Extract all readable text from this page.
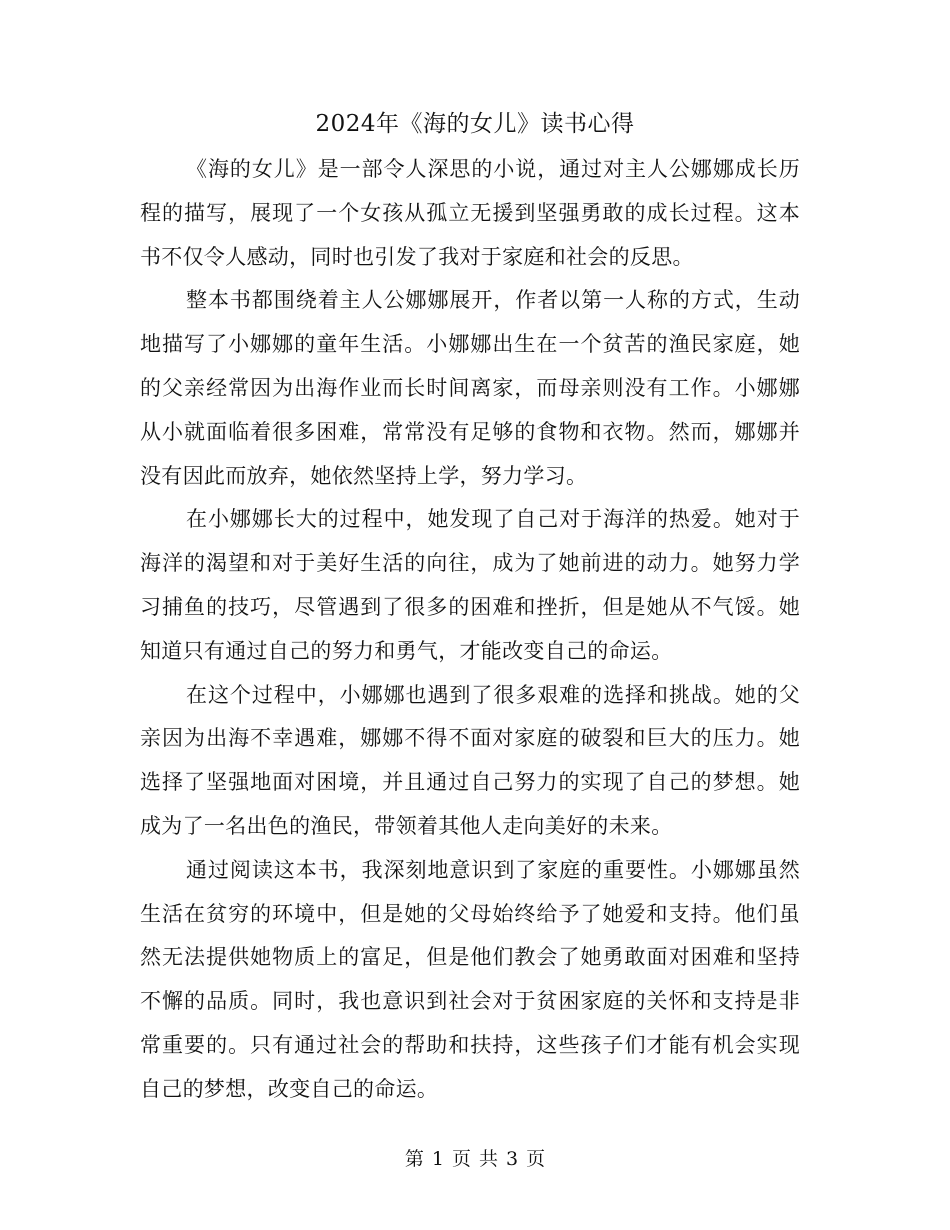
2024年《海的女儿》读书心得

《海的女儿》是一部令人深思的小说，通过对主人公娜娜成长历程的描写，展现了一个女孩从孤立无援到坚强勇敢的成长过程。这本书不仅令人感动，同时也引发了我对于家庭和社会的反思。

整本书都围绕着主人公娜娜展开，作者以第一人称的方式，生动地描写了小娜娜的童年生活。小娜娜出生在一个贫苦的渔民家庭，她的父亲经常因为出海作业而长时间离家，而母亲则没有工作。小娜娜从小就面临着很多困难，常常没有足够的食物和衣物。然而，娜娜并没有因此而放弃，她依然坚持上学，努力学习。

在小娜娜长大的过程中，她发现了自己对于海洋的热爱。她对于海洋的渴望和对于美好生活的向往，成为了她前进的动力。她努力学习捕鱼的技巧，尽管遇到了很多的困难和挫折，但是她从不气馁。她知道只有通过自己的努力和勇气，才能改变自己的命运。

在这个过程中，小娜娜也遇到了很多艰难的选择和挑战。她的父亲因为出海不幸遇难，娜娜不得不面对家庭的破裂和巨大的压力。她选择了坚强地面对困境，并且通过自己努力的实现了自己的梦想。她成为了一名出色的渔民，带领着其他人走向美好的未来。

通过阅读这本书，我深刻地意识到了家庭的重要性。小娜娜虽然生活在贫穷的环境中，但是她的父母始终给予了她爱和支持。他们虽然无法提供她物质上的富足，但是他们教会了她勇敢面对困难和坚持不懈的品质。同时，我也意识到社会对于贫困家庭的关怀和支持是非常重要的。只有通过社会的帮助和扶持，这些孩子们才能有机会实现自己的梦想，改变自己的命运。

第 1 页 共 3 页
